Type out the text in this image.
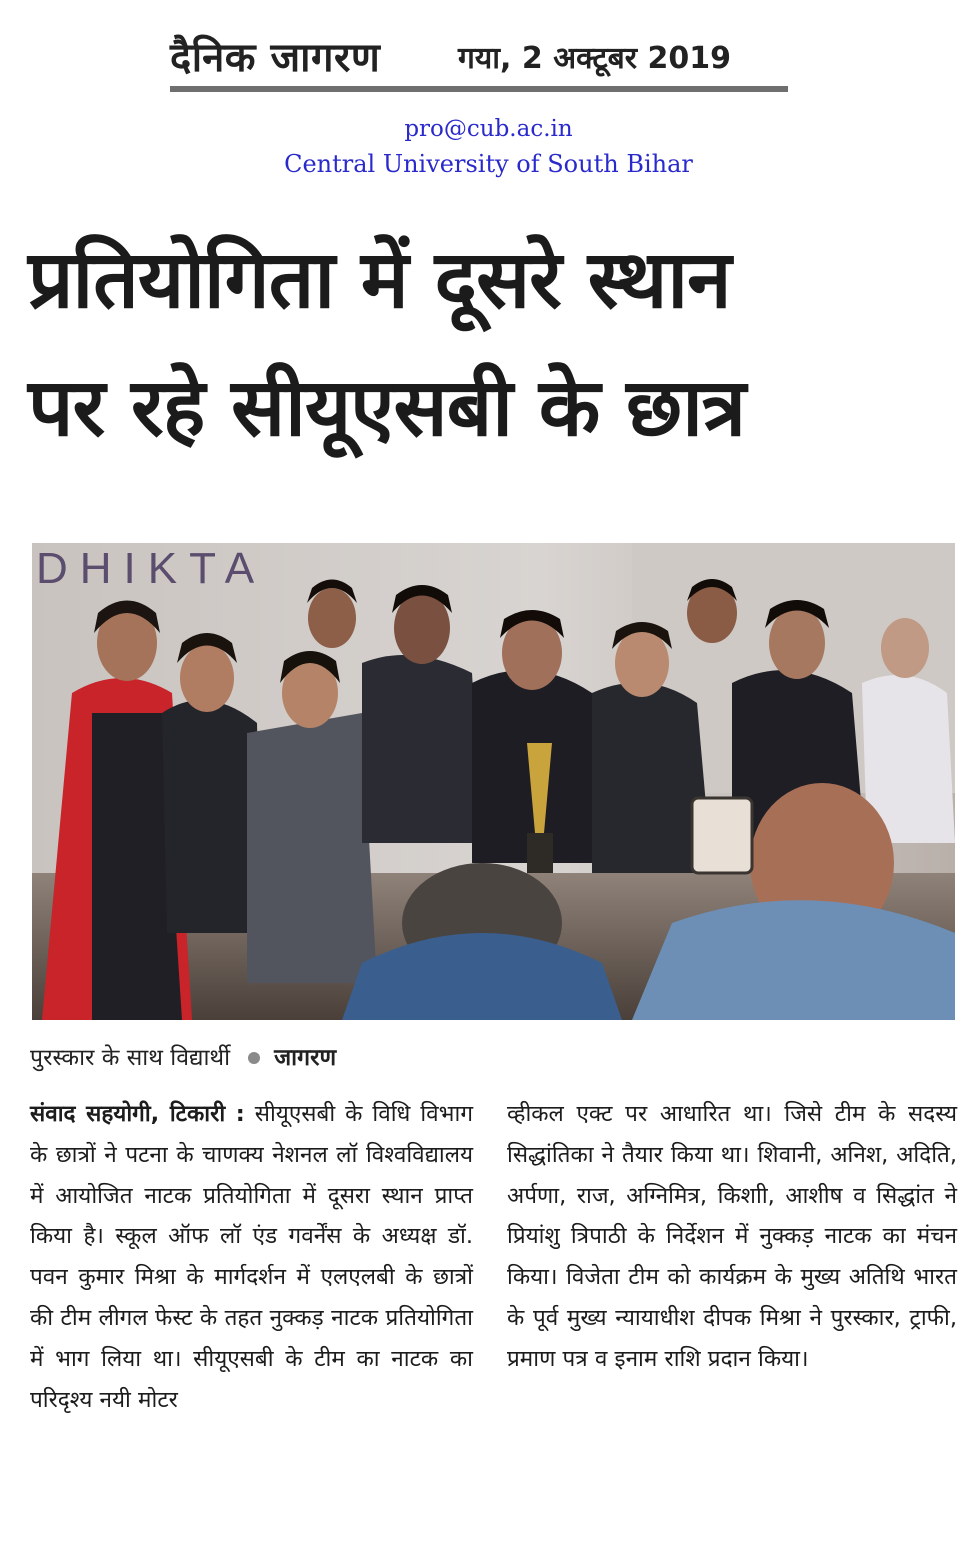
दैनिक जागरण	गया, 2 अक्टूबर 2019
pro@cub.ac.in
Central University of South Bihar
प्रतियोगिता में दूसरे स्थान
पर रहे सीयूएसबी के छात्र
DHIKTA
पुरस्कार के साथ विद्यार्थी जागरण
संवाद सहयोगी, टिकारी : सीयूएसबी के विधि विभाग के छात्रों ने पटना के चाणक्य नेशनल लॉ विश्वविद्यालय में आयोजित नाटक प्रतियोगिता में दूसरा स्थान प्राप्त किया है। स्कूल ऑफ लॉ एंड गवर्नेंस के अध्यक्ष डॉ. पवन कुमार मिश्रा के मार्गदर्शन में एलएलबी के छात्रों की टीम लीगल फेस्ट के तहत नुक्कड़ नाटक प्रतियोगिता में भाग लिया था। सीयूएसबी के टीम का नाटक का परिदृश्य नयी मोटर
व्हीकल एक्ट पर आधारित था। जिसे टीम के सदस्य सिद्धांतिका ने तैयार किया था। शिवानी, अनिश, अदिति, अर्पणा, राज, अग्निमित्र, किशाी, आशीष व सिद्धांत ने प्रियांशु त्रिपाठी के निर्देशन में नुक्कड़ नाटक का मंचन किया। विजेता टीम को कार्यक्रम के मुख्य अतिथि भारत के पूर्व मुख्य न्यायाधीश दीपक मिश्रा ने पुरस्कार, ट्राफी, प्रमाण पत्र व इनाम राशि प्रदान किया।
